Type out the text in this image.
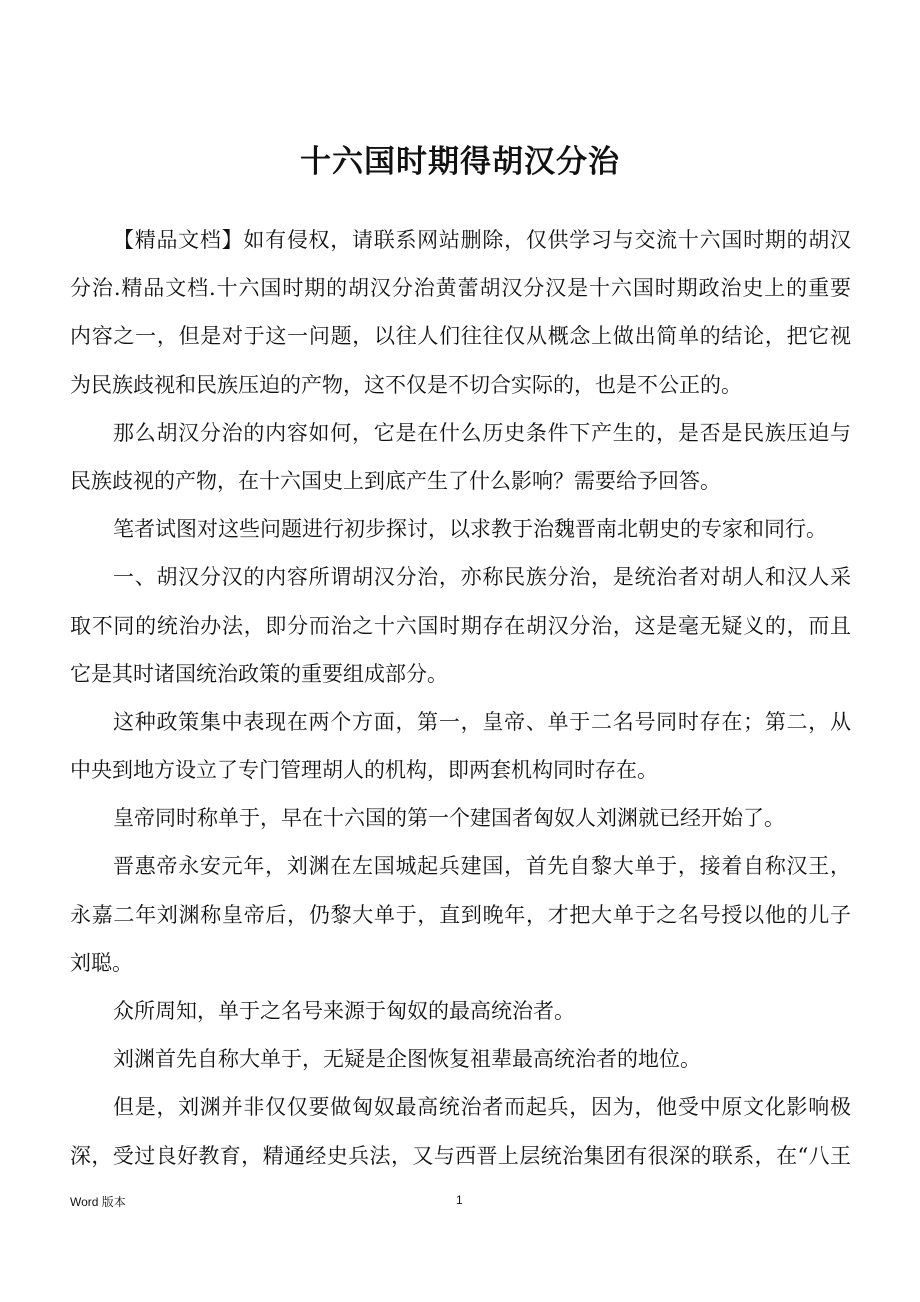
十六国时期得胡汉分治
【精品文档】如有侵权，请联系网站删除，仅供学习与交流十六国时期的胡汉
分治.精品文档.十六国时期的胡汉分治黄蕾胡汉分汉是十六国时期政治史上的重要
内容之一，但是对于这一问题，以往人们往往仅从概念上做出简单的结论，把它视
为民族歧视和民族压迫的产物，这不仅是不切合实际的，也是不公正的。
那么胡汉分治的内容如何，它是在什么历史条件下产生的，是否是民族压迫与
民族歧视的产物，在十六国史上到底产生了什么影响？需要给予回答。
笔者试图对这些问题进行初步探讨，以求教于治魏晋南北朝史的专家和同行。
一、胡汉分汉的内容所谓胡汉分治，亦称民族分治，是统治者对胡人和汉人采
取不同的统治办法，即分而治之十六国时期存在胡汉分治，这是毫无疑义的，而且
它是其时诸国统治政策的重要组成部分。
这种政策集中表现在两个方面，第一，皇帝、单于二名号同时存在；第二，从
中央到地方设立了专门管理胡人的机构，即两套机构同时存在。
皇帝同时称单于，早在十六国的第一个建国者匈奴人刘渊就已经开始了。
晋惠帝永安元年，刘渊在左国城起兵建国，首先自黎大单于，接着自称汉王，
永嘉二年刘渊称皇帝后，仍黎大单于，直到晚年，才把大单于之名号授以他的儿子
刘聪。
众所周知，单于之名号来源于匈奴的最高统治者。
刘渊首先自称大单于，无疑是企图恢复祖辈最高统治者的地位。
但是，刘渊并非仅仅要做匈奴最高统治者而起兵，因为，他受中原文化影响极
深，受过良好教育，精通经史兵法，又与西晋上层统治集团有很深的联系，在“八王
Word 版本	1
